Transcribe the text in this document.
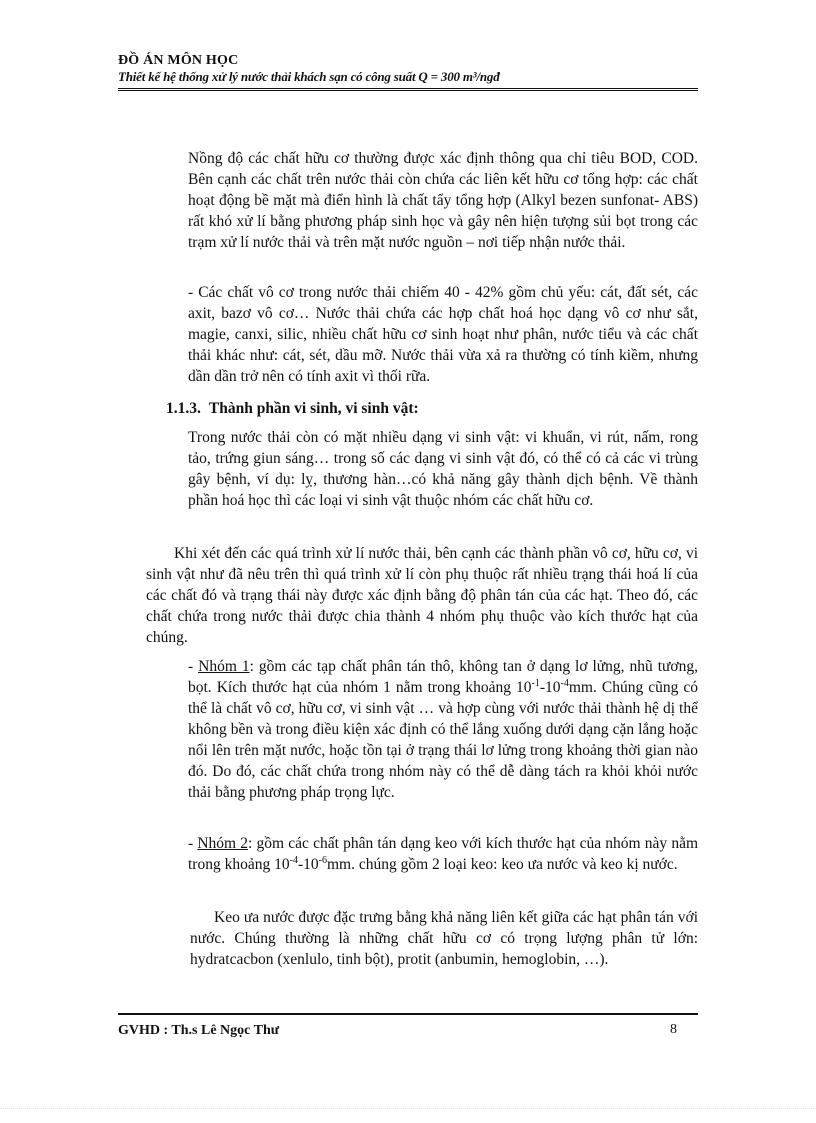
ĐỒ ÁN MÔN HỌC
Thiết kế hệ thống xử lý nước thải khách sạn có công suất Q = 300 m³/ngđ

Nồng độ các chất hữu cơ thường được xác định thông qua chỉ tiêu BOD, COD. Bên cạnh các chất trên nước thải còn chứa các liên kết hữu cơ tổng hợp: các chất hoạt động bề mặt mà điển hình là chất tẩy tổng hợp (Alkyl bezen sunfonat- ABS) rất khó xử lí bằng phương pháp sinh học và gây nên hiện tượng sủi bọt trong các trạm xử lí nước thải và trên mặt nước nguồn – nơi tiếp nhận nước thải.

- Các chất vô cơ trong nước thải chiếm 40 - 42% gồm chủ yếu: cát, đất sét, các axit, bazơ vô cơ… Nước thải chứa các hợp chất hoá học dạng vô cơ như sắt, magie, canxi, silic, nhiều chất hữu cơ sinh hoạt như phân, nước tiểu và các chất thải khác như: cát, sét, dầu mỡ. Nước thải vừa xả ra thường có tính kiềm, nhưng dần dần trở nên có tính axit vì thối rữa.

1.1.3. Thành phần vi sinh, vi sinh vật:

Trong nước thải còn có mặt nhiều dạng vi sinh vật: vi khuẩn, vi rút, nấm, rong tảo, trứng giun sáng… trong số các dạng vi sinh vật đó, có thể có cả các vi trùng gây bệnh, ví dụ: lỵ, thương hàn…có khả năng gây thành dịch bệnh. Về thành phần hoá học thì các loại vi sinh vật thuộc nhóm các chất hữu cơ.

Khi xét đến các quá trình xử lí nước thải, bên cạnh các thành phần vô cơ, hữu cơ, vi sinh vật như đã nêu trên thì quá trình xử lí còn phụ thuộc rất nhiều trạng thái hoá lí của các chất đó và trạng thái này được xác định bằng độ phân tán của các hạt. Theo đó, các chất chứa trong nước thải được chia thành 4 nhóm phụ thuộc vào kích thước hạt của chúng.

- Nhóm 1: gồm các tạp chất phân tán thô, không tan ở dạng lơ lửng, nhũ tương, bọt. Kích thước hạt của nhóm 1 nằm trong khoảng $10^{-1}-10^{-4}mm$. Chúng cũng có thể là chất vô cơ, hữu cơ, vi sinh vật … và hợp cùng với nước thải thành hệ dị thể không bền và trong điều kiện xác định có thể lắng xuống dưới dạng cặn lắng hoặc nổi lên trên mặt nước, hoặc tồn tại ở trạng thái lơ lửng trong khoảng thời gian nào đó. Do đó, các chất chứa trong nhóm này có thể dễ dàng tách ra khỏi khỏi nước thải bằng phương pháp trọng lực.

- Nhóm 2: gồm các chất phân tán dạng keo với kích thước hạt của nhóm này nằm trong khoảng $10^{-4}-10^{-6}mm$. chúng gồm 2 loại keo: keo ưa nước và keo kị nước.

Keo ưa nước được đặc trưng bằng khả năng liên kết giữa các hạt phân tán với nước. Chúng thường là những chất hữu cơ có trọng lượng phân tử lớn: hydratcacbon (xenlulo, tinh bột), protit (anbumin, hemoglobin, …).

GVHD : Th.s Lê Ngọc Thư	8
